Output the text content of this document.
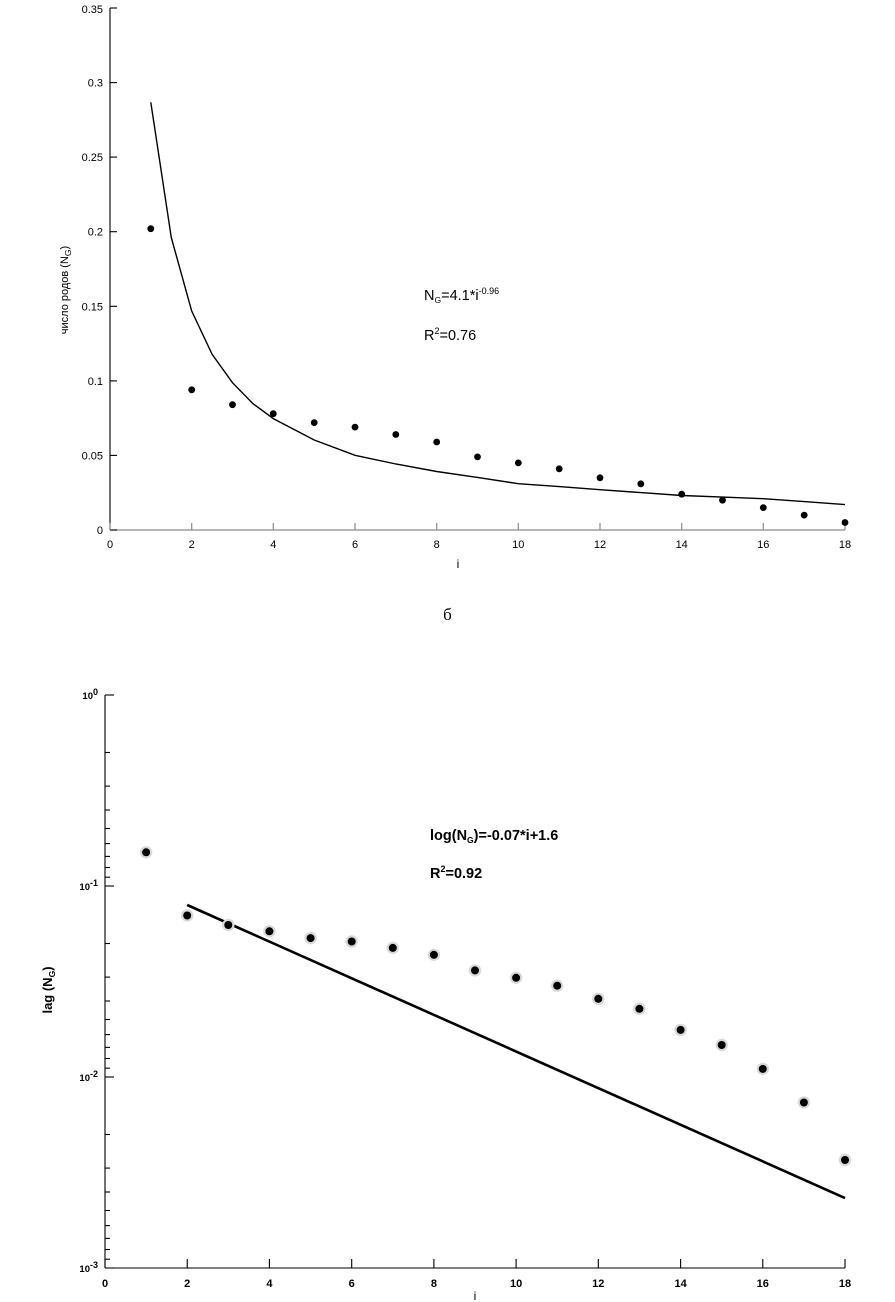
0
0.05
0.1
0.15
0.2
0.25
0.3
0.35
0	2	4	6	8	10	12	14	16	18
i
число родов $(N_G)$
$N_G=4.1*i^{-0.96}$
$R^2=0.76$
б
100
10-1
10-2
10-3
0	2	4	6	8	10	12	14	16	18
i
lag $(N_G)$
$\log(N_G)=-0.07*i+1.6$
$R^2=0.92$
